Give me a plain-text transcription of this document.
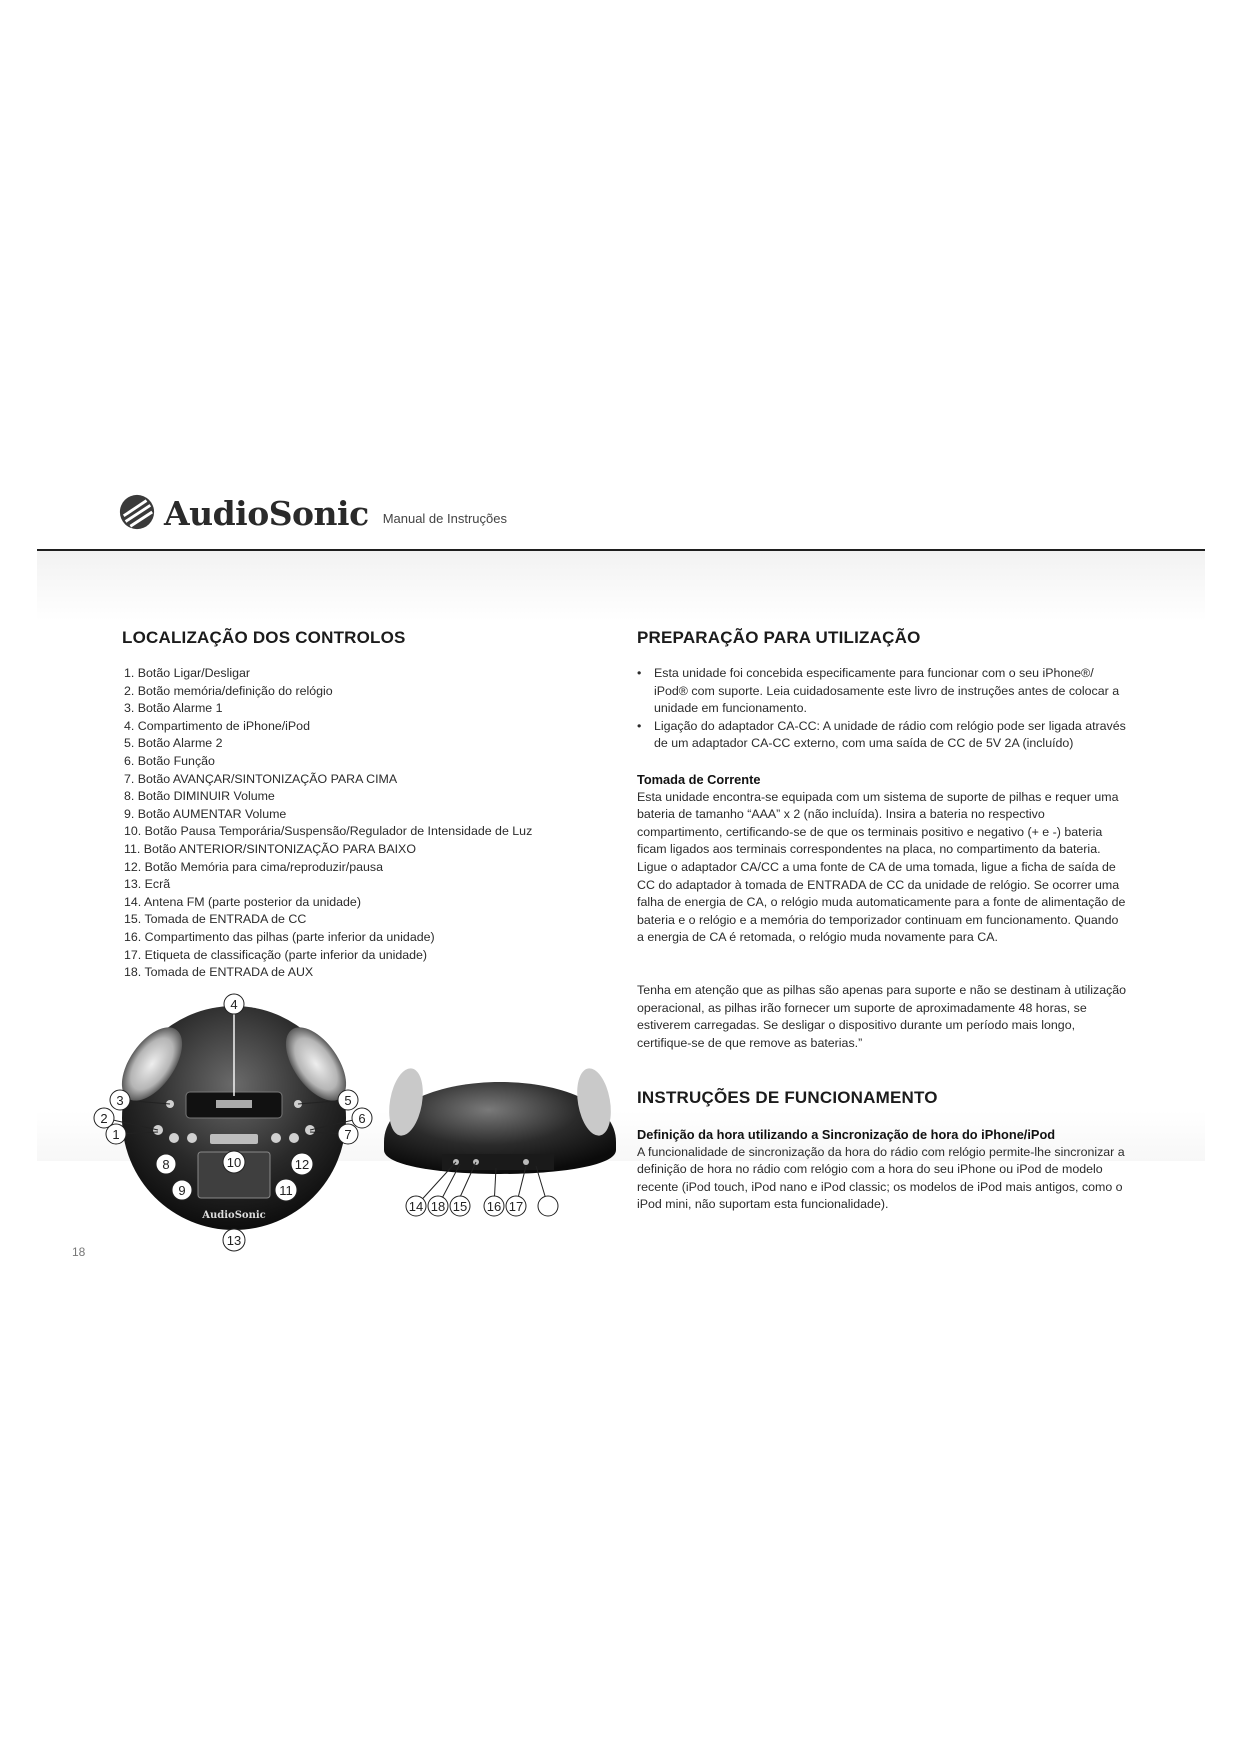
AudioSonic Manual de Instruções
LOCALIZAÇÃO DOS CONTROLOS
1. Botão Ligar/Desligar
2. Botão memória/definição do relógio
3. Botão Alarme 1
4. Compartimento de iPhone/iPod
5. Botão Alarme 2
6. Botão Função
7. Botão AVANÇAR/SINTONIZAÇÃO PARA CIMA
8. Botão DIMINUIR Volume
9. Botão AUMENTAR Volume
10. Botão Pausa Temporária/Suspensão/Regulador de Intensidade de Luz
11. Botão ANTERIOR/SINTONIZAÇÃO PARA BAIXO
12. Botão Memória para cima/reproduzir/pausa
13. Ecrã
14. Antena FM (parte posterior da unidade)
15. Tomada de ENTRADA de CC
16. Compartimento das pilhas (parte inferior da unidade)
17. Etiqueta de classificação (parte inferior da unidade)
18. Tomada de ENTRADA de AUX
AudioSonic
4
3
2
1
5
6
7
8
9
10
11
12
13
14 18 15 16 17
18
PREPARAÇÃO PARA UTILIZAÇÃO
• Esta unidade foi concebida especificamente para funcionar com o seu iPhone®/ iPod® com suporte. Leia cuidadosamente este livro de instruções antes de colocar a unidade em funcionamento.
• Ligação do adaptador CA-CC: A unidade de rádio com relógio pode ser ligada através de um adaptador CA-CC externo, com uma saída de CC de 5V 2A (incluído)
Tomada de Corrente
Esta unidade encontra-se equipada com um sistema de suporte de pilhas e requer uma bateria de tamanho “AAA” x 2 (não incluída). Insira a bateria no respectivo compartimento, certificando-se de que os terminais positivo e negativo (+ e -) bateria ficam ligados aos terminais correspondentes na placa, no compartimento da bateria. Ligue o adaptador CA/CC a uma fonte de CA de uma tomada, ligue a ficha de saída de CC do adaptador à tomada de ENTRADA de CC da unidade de relógio. Se ocorrer uma falha de energia de CA, o relógio muda automaticamente para a fonte de alimentação de bateria e o relógio e a memória do temporizador continuam em funcionamento. Quando a energia de CA é retomada, o relógio muda novamente para CA.
Tenha em atenção que as pilhas são apenas para suporte e não se destinam à utilização operacional, as pilhas irão fornecer um suporte de aproximadamente 48 horas, se estiverem carregadas. Se desligar o dispositivo durante um período mais longo, certifique-se de que remove as baterias.”
INSTRUÇÕES DE FUNCIONAMENTO
Definição da hora utilizando a Sincronização de hora do iPhone/iPod
A funcionalidade de sincronização da hora do rádio com relógio permite-lhe sincronizar a definição de hora no rádio com relógio com a hora do seu iPhone ou iPod de modelo recente (iPod touch, iPod nano e iPod classic; os modelos de iPod mais antigos, como o iPod mini, não suportam esta funcionalidade).
